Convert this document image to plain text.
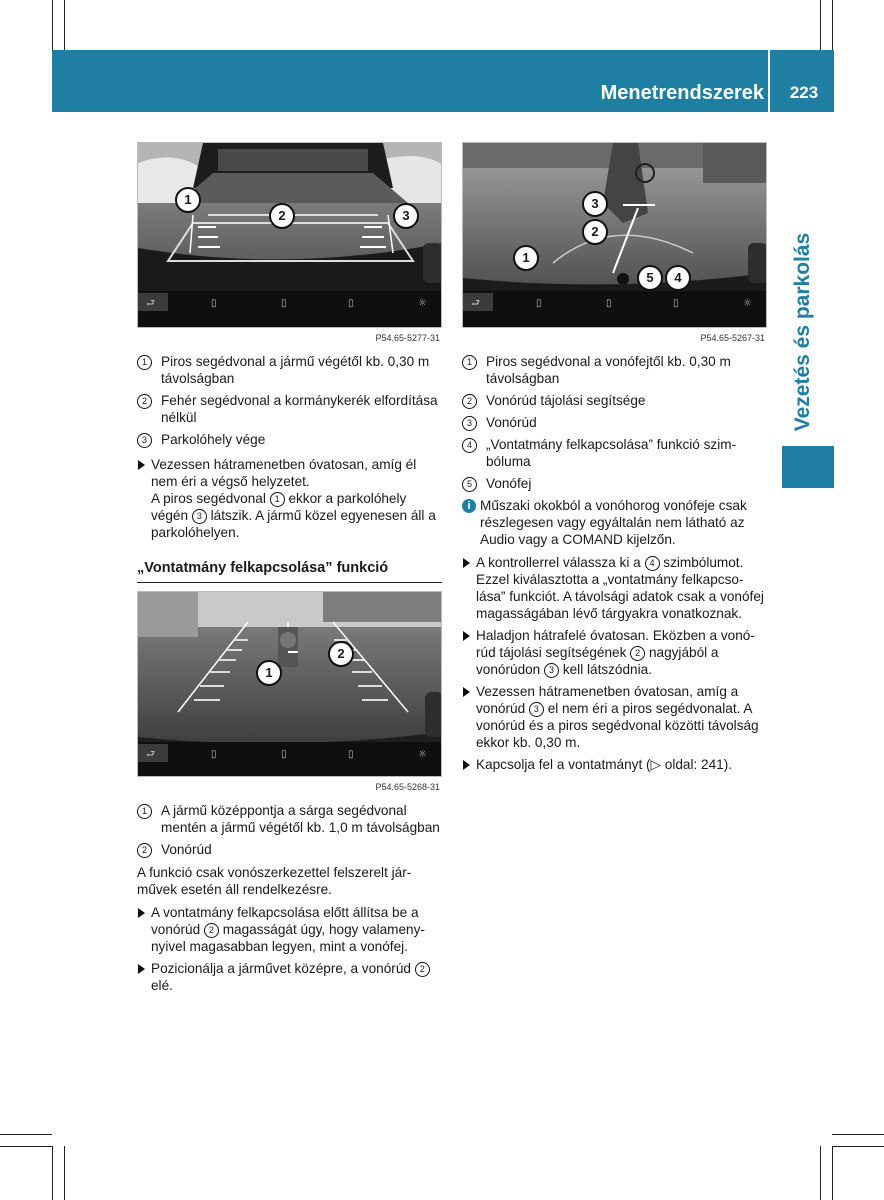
Menetrendszerek	223
Vezetés és parkolás
⮐	▯	▯	▯	☼
1
2	3
P54.65-5277-31
1	Piros segédvonal a jármű végétől kb. 0,30 m távolságban
2	Fehér segédvonal a kormánykerék elfordítása nélkül
3	Parkolóhely vége
Vezessen hátramenetben óvatosan, amíg él nem éri a végső helyzetet.
A piros segédvonal 1 ekkor a parkolóhely végén 3 látszik. A jármű közel egyenesen áll a parkolóhelyen.
„Vontatmány felkapcsolása” funkció
⮐	▯	▯	▯	☼
1
2
P54.65-5268-31
1	A jármű középpontja a sárga segédvonal mentén a jármű végétől kb. 1,0 m távolságban
2	Vonórúd
A funkció csak vonószerkezettel felszerelt járművek esetén áll rendelkezésre.
A vontatmány felkapcsolása előtt állítsa be a vonórúd 2 magasságát úgy, hogy valamenynyivel magasabban legyen, mint a vonófej.
Pozicionálja a járművet középre, a vonórúd 2 elé.
⮐	▯	▯	▯	☼
3
2
1
5	4
P54.65-5267-31
1	Piros segédvonal a vonófejtől kb. 0,30 m távolságban
2	Vonórúd tájolási segítsége
3	Vonórúd
4	„Vontatmány felkapcsolása” funkció szimbóluma
5	Vonófej
i Műszaki okokból a vonóhorog vonófeje csak részlegesen vagy egyáltalán nem látható az Audio vagy a COMAND kijelzőn.
A kontrollerrel válassza ki a 4 szimbólumot. Ezzel kiválasztotta a „vontatmány felkapcsolása” funkciót. A távolsági adatok csak a vonófej magasságában lévő tárgyakra vonatkoznak.
Haladjon hátrafelé óvatosan. Eközben a vonórúd tájolási segítségének 2 nagyjából a vonórúdon 3 kell látszódnia.
Vezessen hátramenetben óvatosan, amíg a vonórúd 3 el nem éri a piros segédvonalat. A vonórúd és a piros segédvonal közötti távolság ekkor kb. 0,30 m.
Kapcsolja fel a vontatmányt (▷ oldal: 241).
